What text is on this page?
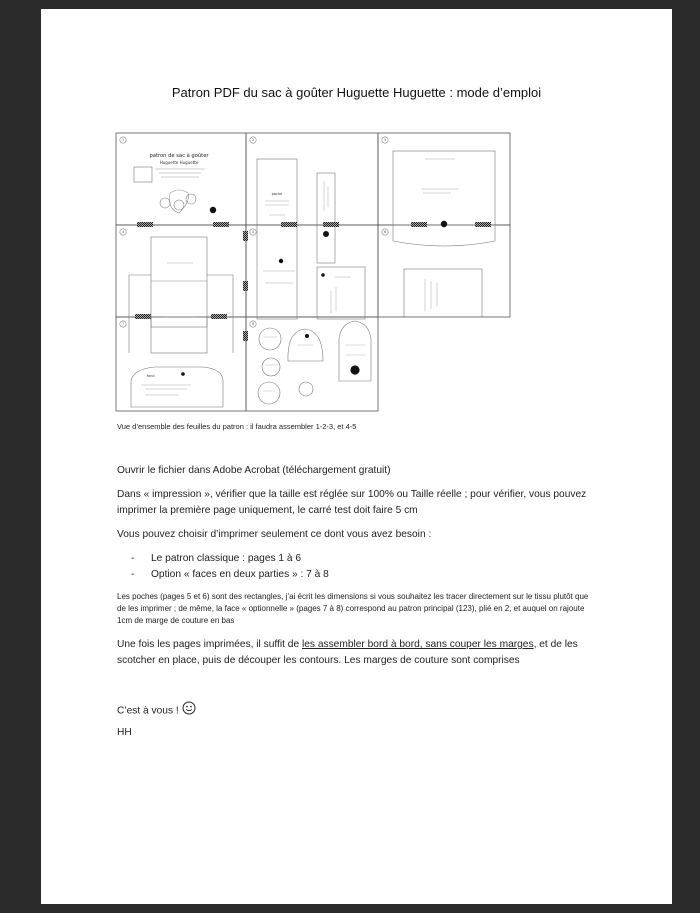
Patron PDF du sac à goûter Huguette Huguette : mode d’emploi
1	2	3
4	5	6
7	8
patron de sac à goûter
Huguette Huguette
poche
fond
Vue d’ensemble des feuilles du patron : il faudra assembler 1-2-3, et 4-5

Ouvrir le fichier dans Adobe Acrobat (téléchargement gratuit)

Dans « impression », vérifier que la taille est réglée sur 100% ou Taille réelle ; pour vérifier, vous pouvez imprimer la première page uniquement, le carré test doit faire 5 cm

Vous pouvez choisir d’imprimer seulement ce dont vous avez besoin :

-	Le patron classique : pages 1 à 6
-	Option « faces en deux parties » : 7 à 8

Les poches (pages 5 et 6) sont des rectangles, j’ai écrit les dimensions si vous souhaitez les tracer directement sur le tissu plutôt que de les imprimer ; de même, la face « optionnelle » (pages 7 à 8) correspond au patron principal (123), plié en 2, et auquel on rajoute 1cm de marge de couture en bas

Une fois les pages imprimées, il suffit de les assembler bord à bord, sans couper les marges, et de les scotcher en place, puis de découper les contours. Les marges de couture sont comprises

C’est à vous !

HH
